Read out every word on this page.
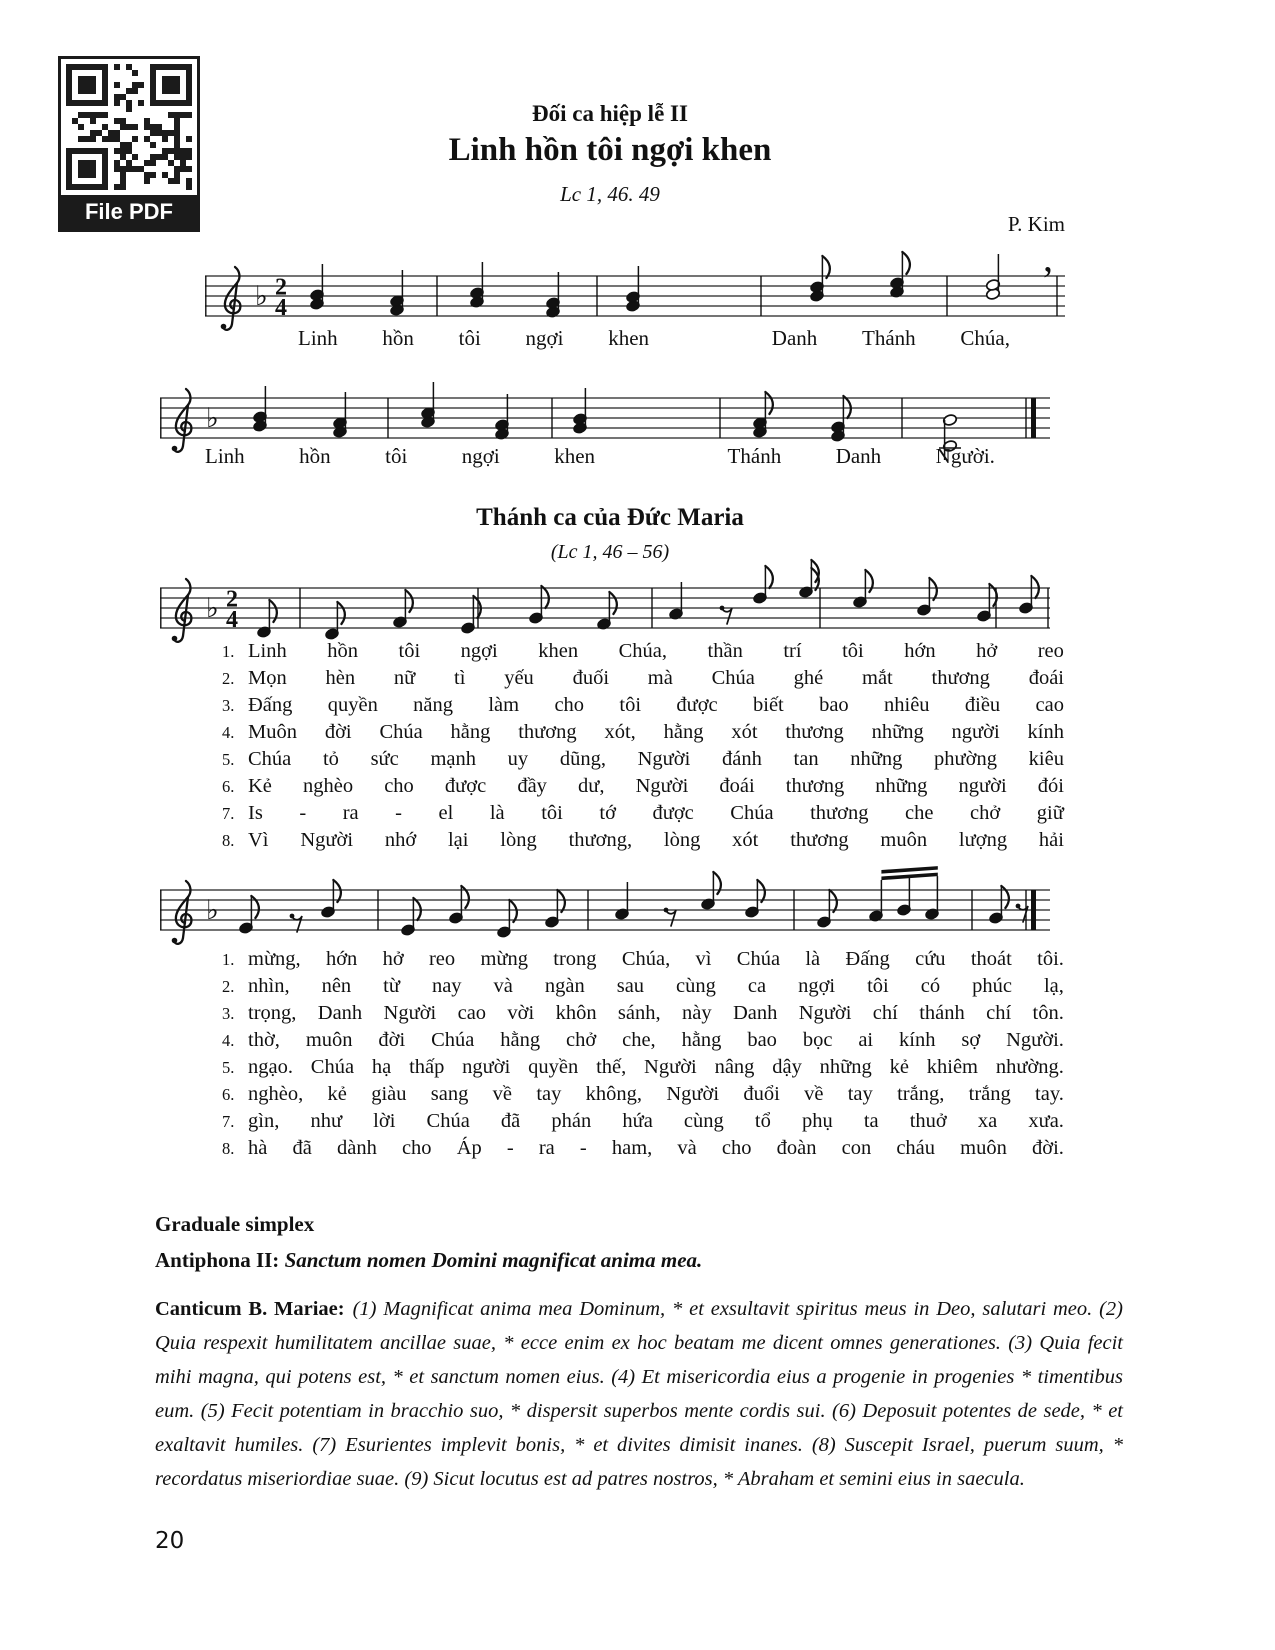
File PDF
Đối ca hiệp lễ II
Linh hồn tôi ngợi khen
Lc 1, 46. 49
P. Kim
♭ 2
4
,
Linh hồn tôi ngợi khen	Danh Thánh Chúa,
♭
Linh	hồn	tôi	ngợi	khen	Thánh	Danh	Người.
Thánh ca của Đức Maria
(Lc 1, 46 – 56)
♭ 2
4
1. Linh hồn tôi ngợi khen Chúa, thần trí tôi hớn hở reo
2. Mọn hèn nữ tì yếu đuối mà Chúa ghé mắt thương đoái
3. Đấng quyền năng làm cho tôi được biết bao nhiêu điều cao
4. Muôn đời Chúa hằng thương xót, hằng xót thương những người kính
5. Chúa tỏ sức mạnh uy dũng, Người đánh tan những phường kiêu
6. Kẻ nghèo cho được đầy dư, Người đoái thương những người đói
7. Is - ra - el là tôi tớ được Chúa thương che chở giữ
8. Vì Người nhớ lại lòng thương, lòng xót thương muôn lượng hải
♭
1. mừng, hớn hở reo mừng trong Chúa, vì Chúa là Đấng cứu thoát tôi.
2. nhìn, nên từ nay và ngàn sau cùng ca ngợi tôi có phúc lạ,
3. trọng, Danh Người cao vời khôn sánh, này Danh Người chí thánh chí tôn.
4. thờ, muôn đời Chúa hằng chở che, hằng bao bọc ai kính sợ Người.
5. ngạo. Chúa hạ thấp người quyền thế, Người nâng dậy những kẻ khiêm nhường.
6. nghèo, kẻ giàu sang về tay không, Người đuổi về tay trắng, trắng tay.
7. gìn, như lời Chúa đã phán hứa cùng tổ phụ ta thuở xa xưa.
8. hà đã dành cho Áp - ra - ham, và cho đoàn con cháu muôn đời.
Graduale simplex
Antiphona II: Sanctum nomen Domini magnificat anima mea.

Canticum B. Mariae: (1) Magnificat anima mea Dominum, * et exsultavit spiritus meus in Deo, salutari meo. (2) Quia respexit humilitatem ancillae suae, * ecce enim ex hoc beatam me dicent omnes generationes. (3) Quia fecit mihi magna, qui potens est, * et sanctum nomen eius. (4) Et misericordia eius a progenie in progenies * timentibus eum. (5) Fecit potentiam in bracchio suo, * dispersit superbos mente cordis sui. (6) Deposuit potentes de sede, * et exaltavit humiles. (7) Esurientes implevit bonis, * et divites dimisit inanes. (8) Suscepit Israel, puerum suum, * recordatus miseriordiae suae. (9) Sicut locutus est ad patres nostros, * Abraham et semini eius in saecula.

20
